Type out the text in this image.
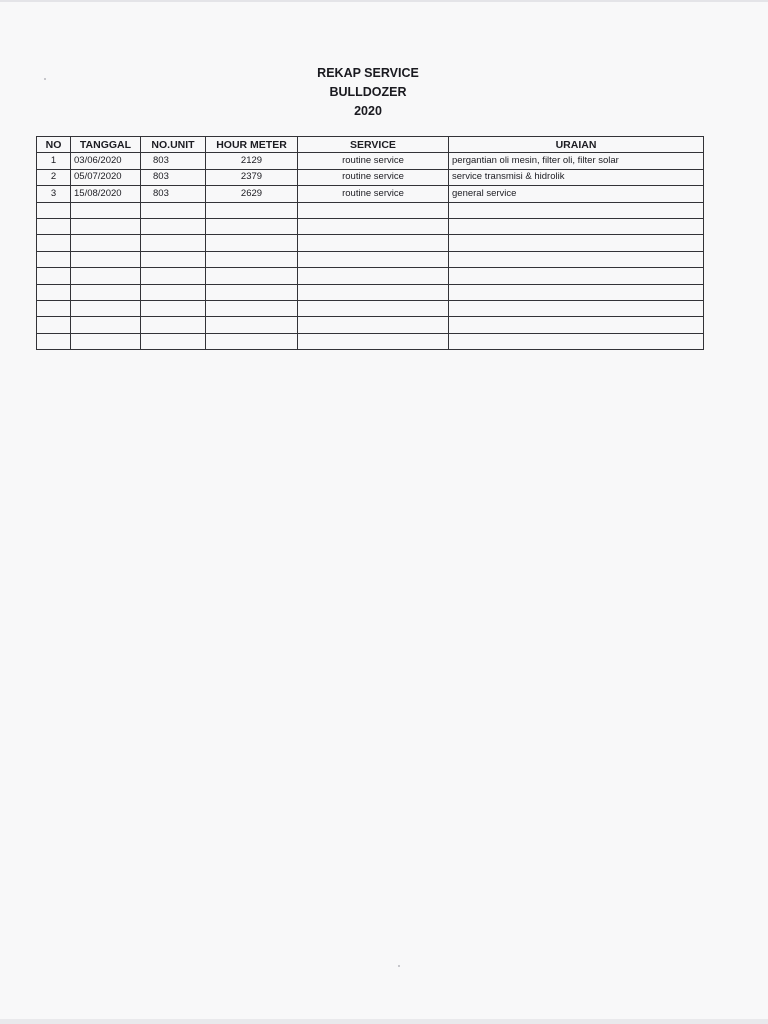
REKAP SERVICE
BULLDOZER
2020
NO	TANGGAL	NO.UNIT	HOUR METER	SERVICE	URAIAN
1	03/06/2020	803	2129	routine service	pergantian oli mesin, filter oli, filter solar
2	05/07/2020	803	2379	routine service	service transmisi & hidrolik
3	15/08/2020	803	2629	routine service	general service
